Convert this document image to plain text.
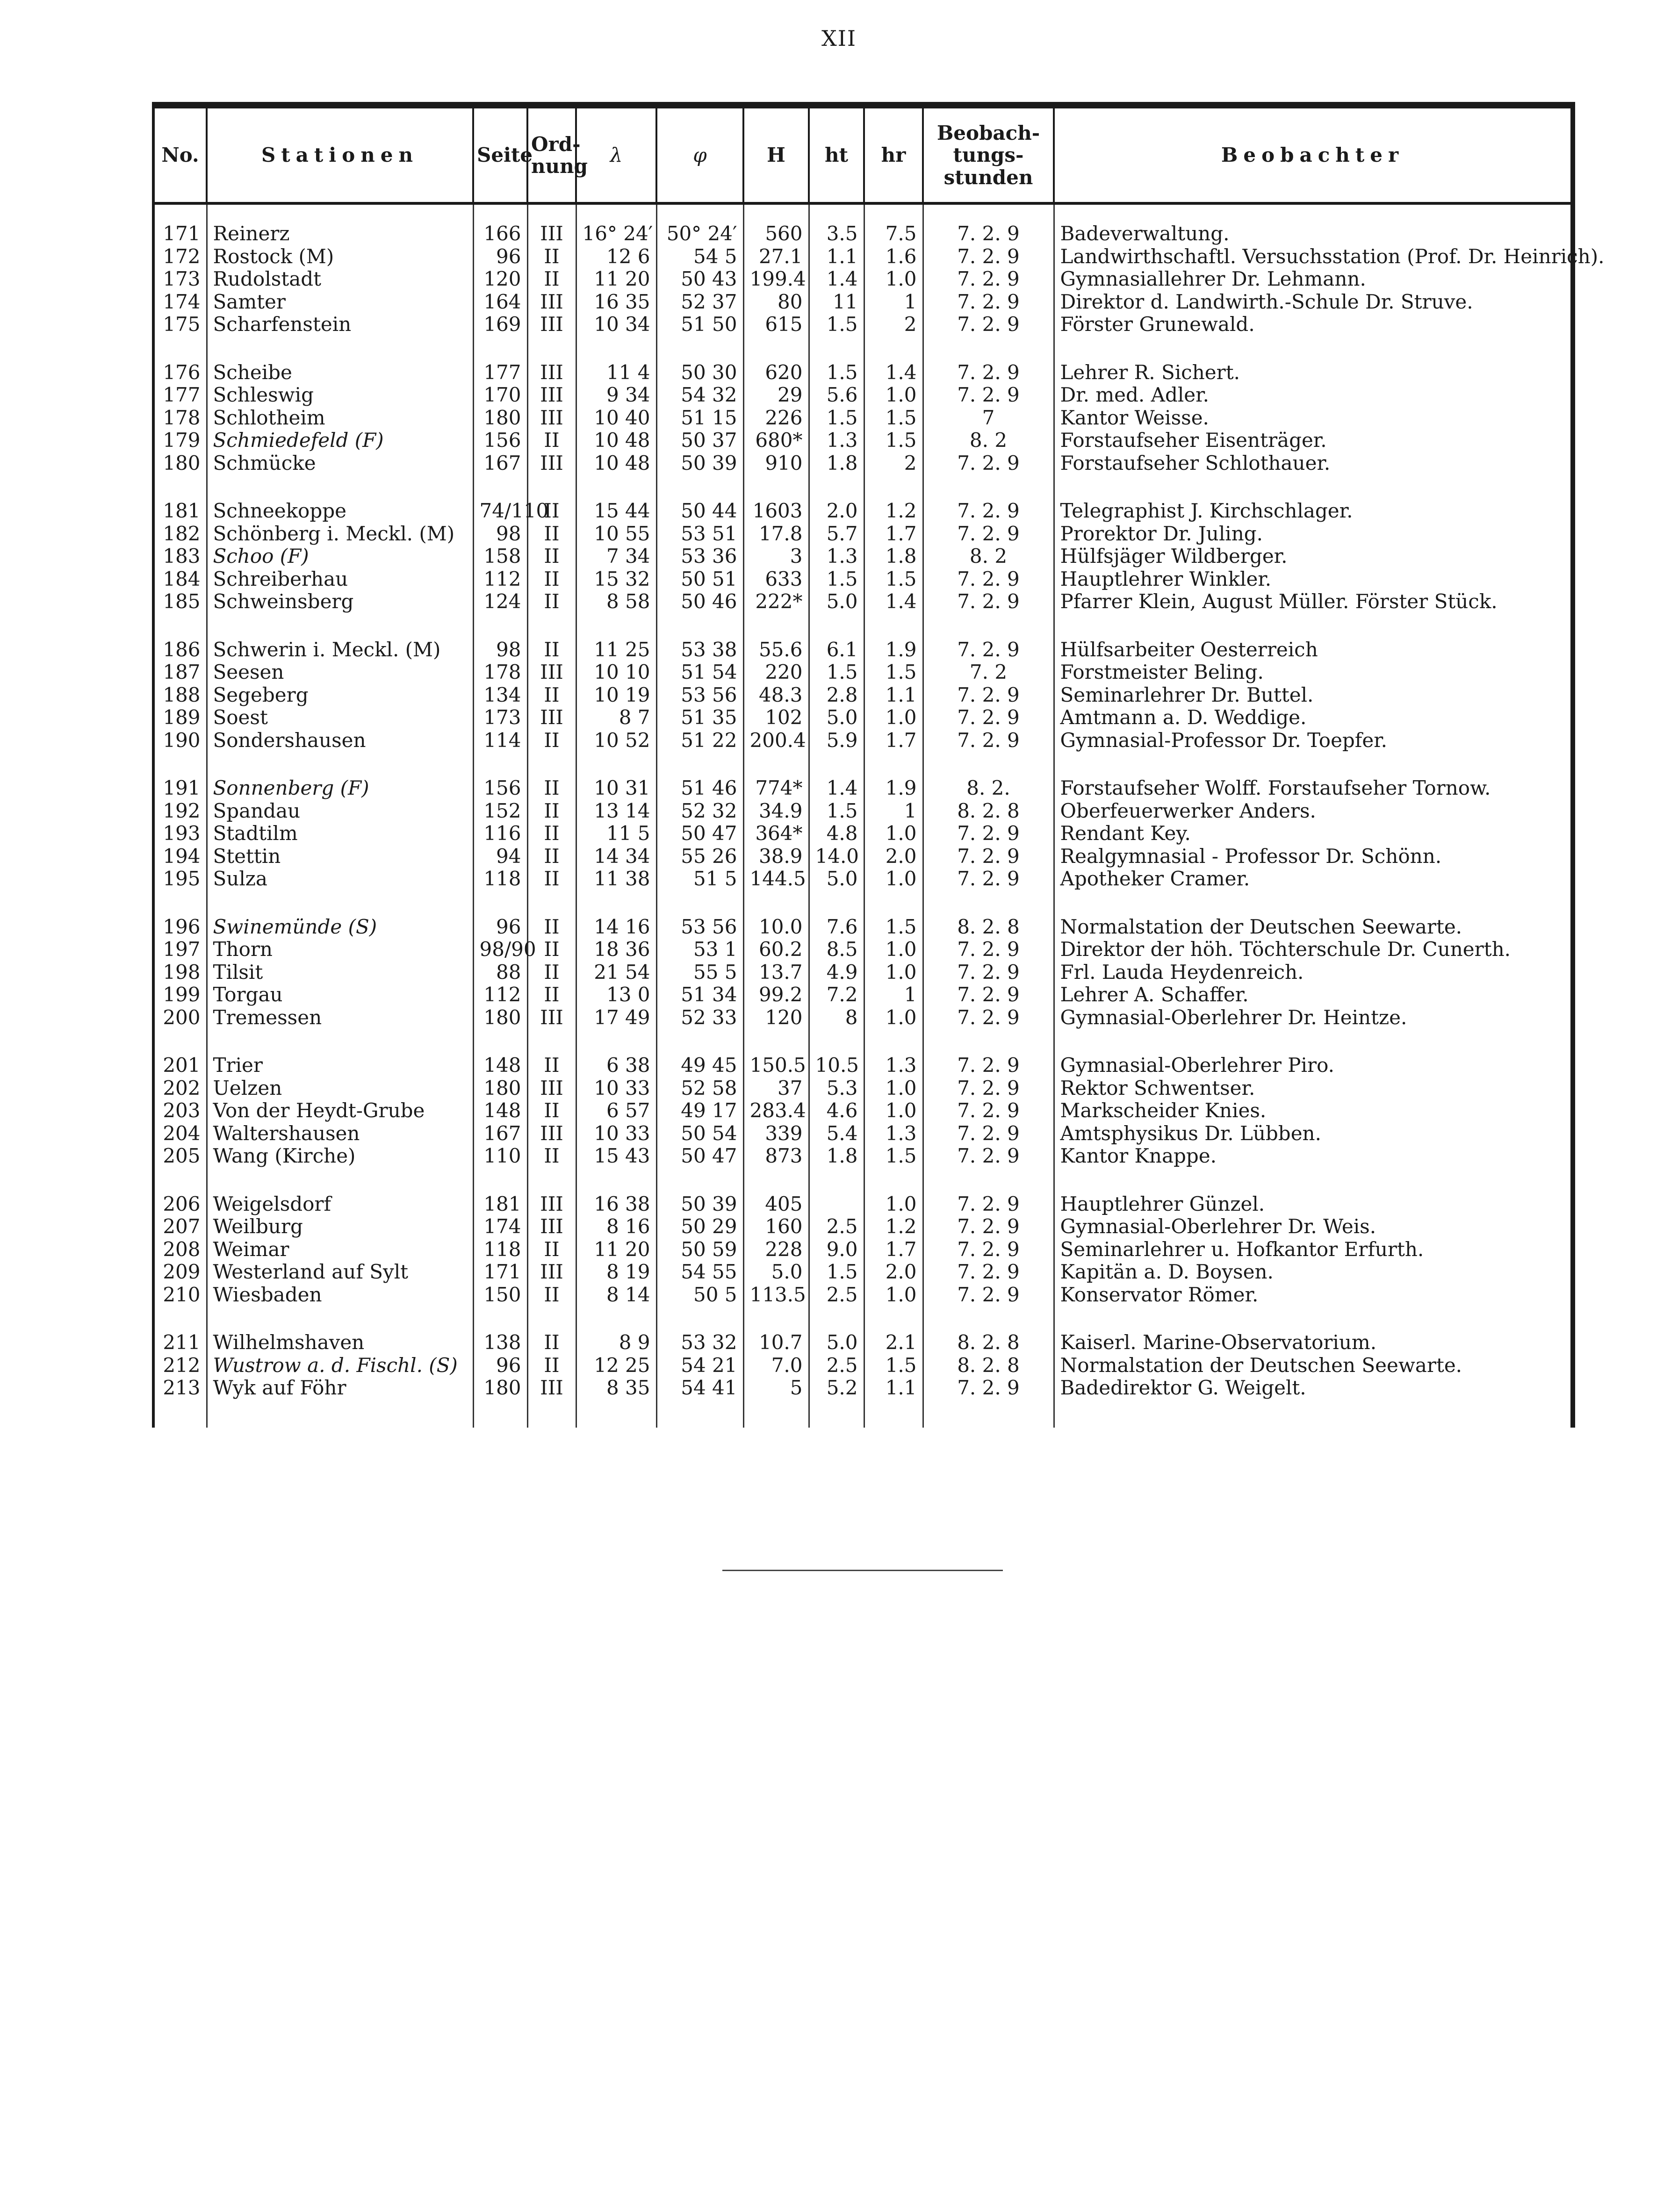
XII
No.	Stationen	Seite	Ord-nung	λ	φ	H	ht	hr	Beobach-tungs-stunden	Beobachter

171	Reinerz	166	III	16° 24′	50° 24′	560	3.5	7.5	7. 2. 9	Badeverwaltung.
172	Rostock (M)	96	II	12 6	54 5	27.1	1.1	1.6	7. 2. 9	Landwirthschaftl. Versuchsstation (Prof. Dr. Heinrich).
173	Rudolstadt	120	II	11 20	50 43	199.4	1.4	1.0	7. 2. 9	Gymnasiallehrer Dr. Lehmann.
174	Samter	164	III	16 35	52 37	80	11	1	7. 2. 9	Direktor d. Landwirth.-Schule Dr. Struve.
175	Scharfenstein	169	III	10 34	51 50	615	1.5	2	7. 2. 9	Förster Grunewald.

176	Scheibe	177	III	11 4	50 30	620	1.5	1.4	7. 2. 9	Lehrer R. Sichert.
177	Schleswig	170	III	9 34	54 32	29	5.6	1.0	7. 2. 9	Dr. med. Adler.
178	Schlotheim	180	III	10 40	51 15	226	1.5	1.5	7	Kantor Weisse.
179	Schmiedefeld (F)	156	II	10 48	50 37	680*	1.3	1.5	8. 2	Forstaufseher Eisenträger.
180	Schmücke	167	III	10 48	50 39	910	1.8	2	7. 2. 9	Forstaufseher Schlothauer.

181	Schneekoppe	74/110	II	15 44	50 44	1603	2.0	1.2	7. 2. 9	Telegraphist J. Kirchschlager.
182	Schönberg i. Meckl. (M)	98	II	10 55	53 51	17.8	5.7	1.7	7. 2. 9	Prorektor Dr. Juling.
183	Schoo (F)	158	II	7 34	53 36	3	1.3	1.8	8. 2	Hülfsjäger Wildberger.
184	Schreiberhau	112	II	15 32	50 51	633	1.5	1.5	7. 2. 9	Hauptlehrer Winkler.
185	Schweinsberg	124	II	8 58	50 46	222*	5.0	1.4	7. 2. 9	Pfarrer Klein, August Müller. Förster Stück.

186	Schwerin i. Meckl. (M)	98	II	11 25	53 38	55.6	6.1	1.9	7. 2. 9	Hülfsarbeiter Oesterreich
187	Seesen	178	III	10 10	51 54	220	1.5	1.5	7. 2	Forstmeister Beling.
188	Segeberg	134	II	10 19	53 56	48.3	2.8	1.1	7. 2. 9	Seminarlehrer Dr. Buttel.
189	Soest	173	III	8 7	51 35	102	5.0	1.0	7. 2. 9	Amtmann a. D. Weddige.
190	Sondershausen	114	II	10 52	51 22	200.4	5.9	1.7	7. 2. 9	Gymnasial-Professor Dr. Toepfer.

191	Sonnenberg (F)	156	II	10 31	51 46	774*	1.4	1.9	8. 2.	Forstaufseher Wolff. Forstaufseher Tornow.
192	Spandau	152	II	13 14	52 32	34.9	1.5	1	8. 2. 8	Oberfeuerwerker Anders.
193	Stadtilm	116	II	11 5	50 47	364*	4.8	1.0	7. 2. 9	Rendant Key.
194	Stettin	94	II	14 34	55 26	38.9	14.0	2.0	7. 2. 9	Realgymnasial - Professor Dr. Schönn.
195	Sulza	118	II	11 38	51 5	144.5	5.0	1.0	7. 2. 9	Apotheker Cramer.

196	Swinemünde (S)	96	II	14 16	53 56	10.0	7.6	1.5	8. 2. 8	Normalstation der Deutschen Seewarte.
197	Thorn	98/90	II	18 36	53 1	60.2	8.5	1.0	7. 2. 9	Direktor der höh. Töchterschule Dr. Cunerth.
198	Tilsit	88	II	21 54	55 5	13.7	4.9	1.0	7. 2. 9	Frl. Lauda Heydenreich.
199	Torgau	112	II	13 0	51 34	99.2	7.2	1	7. 2. 9	Lehrer A. Schaffer.
200	Tremessen	180	III	17 49	52 33	120	8	1.0	7. 2. 9	Gymnasial-Oberlehrer Dr. Heintze.

201	Trier	148	II	6 38	49 45	150.5	10.5	1.3	7. 2. 9	Gymnasial-Oberlehrer Piro.
202	Uelzen	180	III	10 33	52 58	37	5.3	1.0	7. 2. 9	Rektor Schwentser.
203	Von der Heydt-Grube	148	II	6 57	49 17	283.4	4.6	1.0	7. 2. 9	Markscheider Knies.
204	Waltershausen	167	III	10 33	50 54	339	5.4	1.3	7. 2. 9	Amtsphysikus Dr. Lübben.
205	Wang (Kirche)	110	II	15 43	50 47	873	1.8	1.5	7. 2. 9	Kantor Knappe.

206	Weigelsdorf	181	III	16 38	50 39	405		1.0	7. 2. 9	Hauptlehrer Günzel.
207	Weilburg	174	III	8 16	50 29	160	2.5	1.2	7. 2. 9	Gymnasial-Oberlehrer Dr. Weis.
208	Weimar	118	II	11 20	50 59	228	9.0	1.7	7. 2. 9	Seminarlehrer u. Hofkantor Erfurth.
209	Westerland auf Sylt	171	III	8 19	54 55	5.0	1.5	2.0	7. 2. 9	Kapitän a. D. Boysen.
210	Wiesbaden	150	II	8 14	50 5	113.5	2.5	1.0	7. 2. 9	Konservator Römer.

211	Wilhelmshaven	138	II	8 9	53 32	10.7	5.0	2.1	8. 2. 8	Kaiserl. Marine-Observatorium.
212	Wustrow a. d. Fischl. (S)	96	II	12 25	54 21	7.0	2.5	1.5	8. 2. 8	Normalstation der Deutschen Seewarte.
213	Wyk auf Föhr	180	III	8 35	54 41	5	5.2	1.1	7. 2. 9	Badedirektor G. Weigelt.
